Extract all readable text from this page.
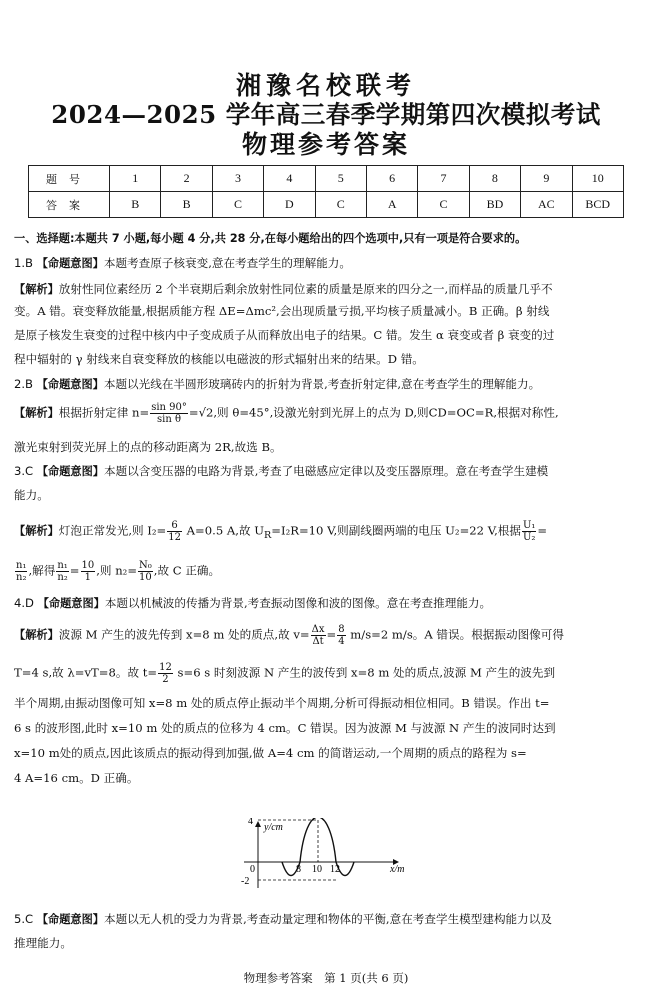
湘豫名校联考
2024—2025 学年高三春季学期第四次模拟考试
物理参考答案
题号	1	2	3	4	5	6	7	8	9	10
答案	B	B	C	D	C	A	C	BD	AC	BCD
一、选择题:本题共 7 小题,每小题 4 分,共 28 分,在每小题给出的四个选项中,只有一项是符合要求的。
1.B 【命题意图】本题考查原子核衰变,意在考查学生的理解能力。
【解析】放射性同位素经历 2 个半衰期后剩余放射性同位素的质量是原来的四分之一,而样品的质量几乎不
变。A 错。衰变释放能量,根据质能方程 ΔE=Δmc²,会出现质量亏损,平均核子质量减小。B 正确。β 射线
是原子核发生衰变的过程中核内中子变成质子从而释放出电子的结果。C 错。发生 α 衰变或者 β 衰变的过
程中辐射的 γ 射线来自衰变释放的核能以电磁波的形式辐射出来的结果。D 错。
2.B 【命题意图】本题以光线在半圆形玻璃砖内的折射为背景,考查折射定律,意在考查学生的理解能力。
【解析】根据折射定律 $n= \frac{\sin 90^\circ}{\text{sin θ}} =√2$,则 θ=45°,设激光射到光屏上的点为 D,则CD=OC=R,根据对称性,
激光束射到荧光屏上的点的移动距离为 2R,故选 B。
3.C 【命题意图】本题以含变压器的电路为背景,考查了电磁感应定律以及变压器原理。意在考查学生建模
能力。
【解析】灯泡正常发光,则 $I_2= \frac{6}{12} A=0.5$ A,故 $U_R=I_2R=10$ V,则副线圈两端的电压 U₂=22 V,根据 $\frac{\text{U₁}}{\text{U₂}}$ =
$\frac{\text{n₁}}{\text{n₂}}$ ,解得 $\frac{\text{n₁}}{\text{n₂}} = \frac{10}{1}$ ,则 $n_2= \frac{\text{N₀}}{10}$ ,故 C 正确。
4.D 【命题意图】本题以机械波的传播为背景,考查振动图像和波的图像。意在考查推理能力。
【解析】波源 M 产生的波先传到 x=8 m 处的质点,故 $v= \frac{\Delta x}{\Delta t} = \frac{8}{4} m/s=2$ m/s。A 错误。根据振动图像可得
T=4 s,故 λ=vT=8。故 $t= \frac{12}{2} s=6$ s 时刻波源 N 产生的波传到 x=8 m 处的质点,波源 M 产生的波先到
半个周期,由振动图像可知 x=8 m 处的质点停止振动半个周期,分析可得振动相位相同。B 错误。作出 t=
6 s 的波形图,此时 x=10 m 处的质点的位移为 4 cm。C 错误。因为波源 M 与波源 N 产生的波同时达到
x=10 m处的质点,因此该质点的振动得到加强,做 A=4 cm 的简谐运动,一个周期的质点的路程为 s=
4 A=16 cm。D 正确。
y/cm
4
-2
0	8 10 12	x/m
5.C 【命题意图】本题以无人机的受力为背景,考查动量定理和物体的平衡,意在考查学生模型建构能力以及
推理能力。
物理参考答案　第 1 页(共 6 页)
